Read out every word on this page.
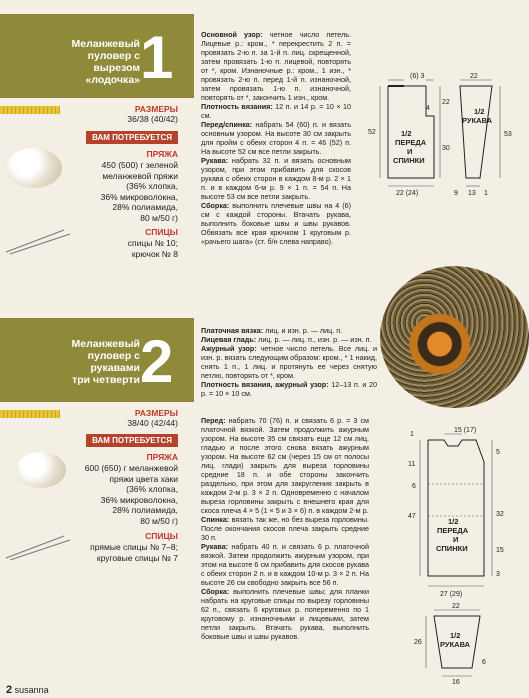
Меланжевый
пуловер с вырезом
«лодочка» 1
РАЗМЕРЫ
36/38 (40/42)
ВАМ ПОТРЕБУЕТСЯ
ПРЯЖА
450 (500) г зеленой
меланжевой пряжи
(36% хлопка,
36% микроволокна,
28% полиамида,
80 м/50 г)
СПИЦЫ
спицы № 10;
крючок № 8

Основной узор: четное число петель. Лицевые р.: кром., * перекрестить 2 п. = провязать 2-ю п. за 1-й п. лиц. скрещенной, затем провязать 1-ю п. лицевой, повторять от *, кром. Изнаночные р.: кром., 1 изн., * провязать 2-ю п. перед 1-й п. изнаночной, затем провязать 1-ю п. изнаночной, повторять от *, закончить 1 изн., кром.

Плотность вязания: 12 п. и 14 р. = 10 × 10 см.

Перед/спинка: набрать 54 (60) п. и вязать основным узором. На высоте 30 см закрыть для пройм с обеих сторон 4 п. = 46 (52) п. На высоте 52 см все петли закрыть.

Рукава: набрать 32 п. и вязать основным узором, при этом прибавить для скосов рукава с обеих сторон в каждом 8-м р. 2 × 1 п. и в каждом 6-м р. 9 × 1 п. = 54 п. На высоте 53 см все петли закрыть.

Сборка: выполнить плечевые швы на 4 (6) см с каждой стороны. Втачать рукава, выполнить боковые швы и швы рукавов. Обвязать все края крючком 1 круговым р. «рачьего шага» (ст. б/н слева направо).

(6) 3
52
22
30
4
22 (24)
1/2
ПЕРЕДА
И
СПИНКИ
22
53
9 13 1
1/2
РУКАВА
Меланжевый
пуловер с рукавами
три четверти 2
РАЗМЕРЫ
38/40 (42/44)
ВАМ ПОТРЕБУЕТСЯ
ПРЯЖА
600 (650) г меланжевой
пряжи цвета хаки
(36% хлопка,
36% микроволокна,
28% полиамида,
80 м/50 г)
СПИЦЫ
прямые спицы № 7–8;
круговые спицы № 7

Платочная вязка: лиц. и изн. р. — лиц. п.

Лицевая гладь: лиц. р. — лиц. п., изн. р. — изн. п.

Ажурный узор: четное число петель. Все лиц. и изн. р. вязать следующим образом: кром., * 1 накид, снять 1 п., 1 лиц. и протянуть ее через снятую петлю, повторять от *, кром.

Плотность вязания, ажурный узор: 12–13 п. и 20 р. = 10 × 10 см.

Перед: набрать 70 (76) п. и связать 6 р. = 3 см платочной вязкой. Затем продолжить ажурным узором. На высоте 35 см связать еще 12 см лиц. гладью и после этого снова вязать ажурным узором. На высоте 62 см (через 15 см от полосы лиц. глади) закрыть для выреза горловины средние 18 п. и обе стороны закончить раздельно, при этом для закругления закрыть в каждом 2-м р. 3 × 2 п. Одновременно с началом выреза горловины закрыть с внешнего края для скоса плеча 4 × 5 (1 × 5 и 3 × 6) п. в каждом 2-м р.

Спинка: вязать так же, но без выреза горловины. После окончания скосов плеча закрыть средние 30 п.

Рукава: набрать 40 п. и связать 6 р. платочной вязкой. Затем продолжить ажурным узором, при этом на высоте 6 см прибавить для скосов рукава с обеих сторон 2 п. и в каждом 10-м р. 3 × 2 п. На высоте 26 см свободно закрыть все 56 п.

Сборка: выполнить плечевые швы; для планки набрать на круговые спицы по вырезу горловины 62 п., связать 6 круговых р. попеременно по 1 круговому р. изнаночными и лицевыми, затем петли закрыть. Втачать рукава, выполнить боковые швы и швы рукавов.

15 (17)
1
11
6
47
5
32
15
3
27 (29)
1/2
ПЕРЕДА
И
СПИНКИ
22
26
6
16
1/2
РУКАВА
2 susanna
